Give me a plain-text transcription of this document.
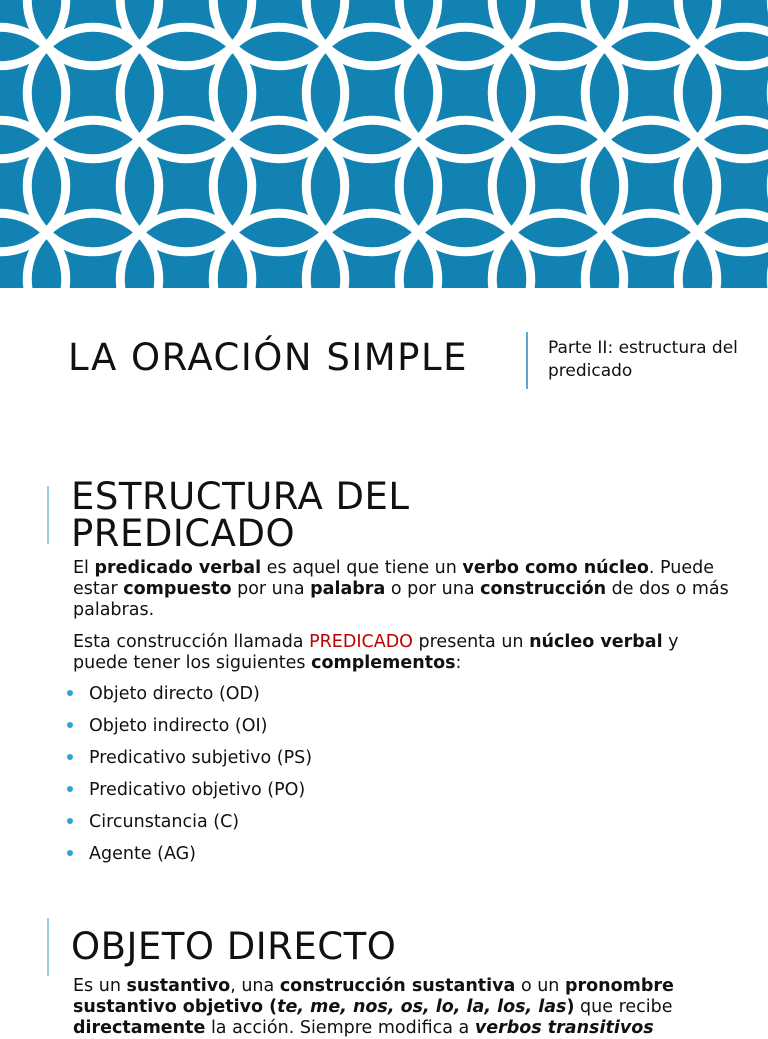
LA ORACIÓN SIMPLE	Parte II: estructura del predicado
ESTRUCTURA DEL
PREDICADO

El predicado verbal es aquel que tiene un verbo como núcleo. Puede estar compuesto por una palabra o por una construcción de dos o más palabras.

Esta construcción llamada PREDICADO presenta un núcleo verbal y puede tener los siguientes complementos:

Objeto directo (OD)
Objeto indirecto (OI)
Predicativo subjetivo (PS)
Predicativo objetivo (PO)
Circunstancia (C)
Agente (AG)
OBJETO DIRECTO

Es un sustantivo, una construcción sustantiva o un pronombre sustantivo objetivo (te, me, nos, os, lo, la, los, las) que recibe directamente la acción. Siempre modifica a verbos transitivos
